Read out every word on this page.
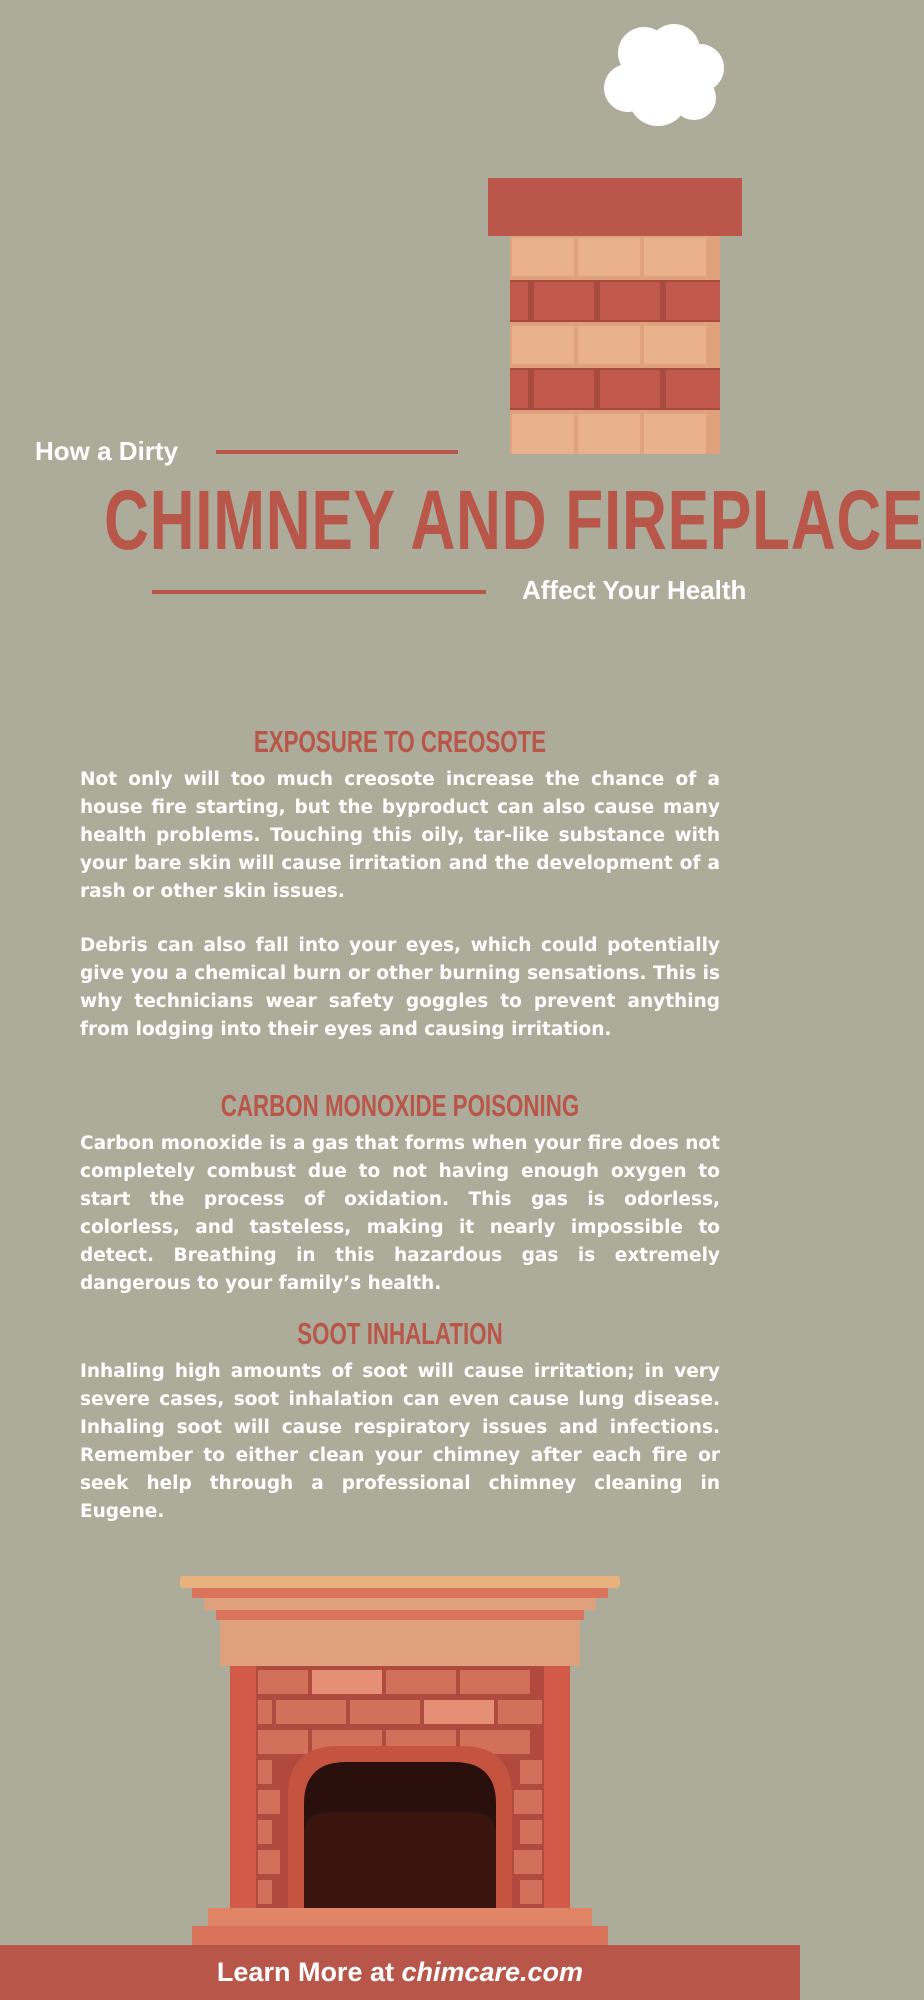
How a Dirty
CHIMNEY AND FIREPLACE
Affect Your Health
EXPOSURE TO CREOSOTE

Not only will too much creosote increase the chance of a house fire starting, but the byproduct can also cause many health problems. Touching this oily, tar-like substance with your bare skin will cause irritation and the development of a rash or other skin issues.

Debris can also fall into your eyes, which could potentially give you a chemical burn or other burning sensations. This is why technicians wear safety goggles to prevent anything from lodging into their eyes and causing irritation.

CARBON MONOXIDE POISONING

Carbon monoxide is a gas that forms when your fire does not completely combust due to not having enough oxygen to start the process of oxidation. This gas is odorless, colorless, and tasteless, making it nearly impossible to detect. Breathing in this hazardous gas is extremely dangerous to your family’s health.

SOOT INHALATION

Inhaling high amounts of soot will cause irritation; in very severe cases, soot inhalation can even cause lung disease. Inhaling soot will cause respiratory issues and infections. Remember to either clean your chimney after each fire or seek help through a professional chimney cleaning in Eugene.

Learn More at chimcare.com
